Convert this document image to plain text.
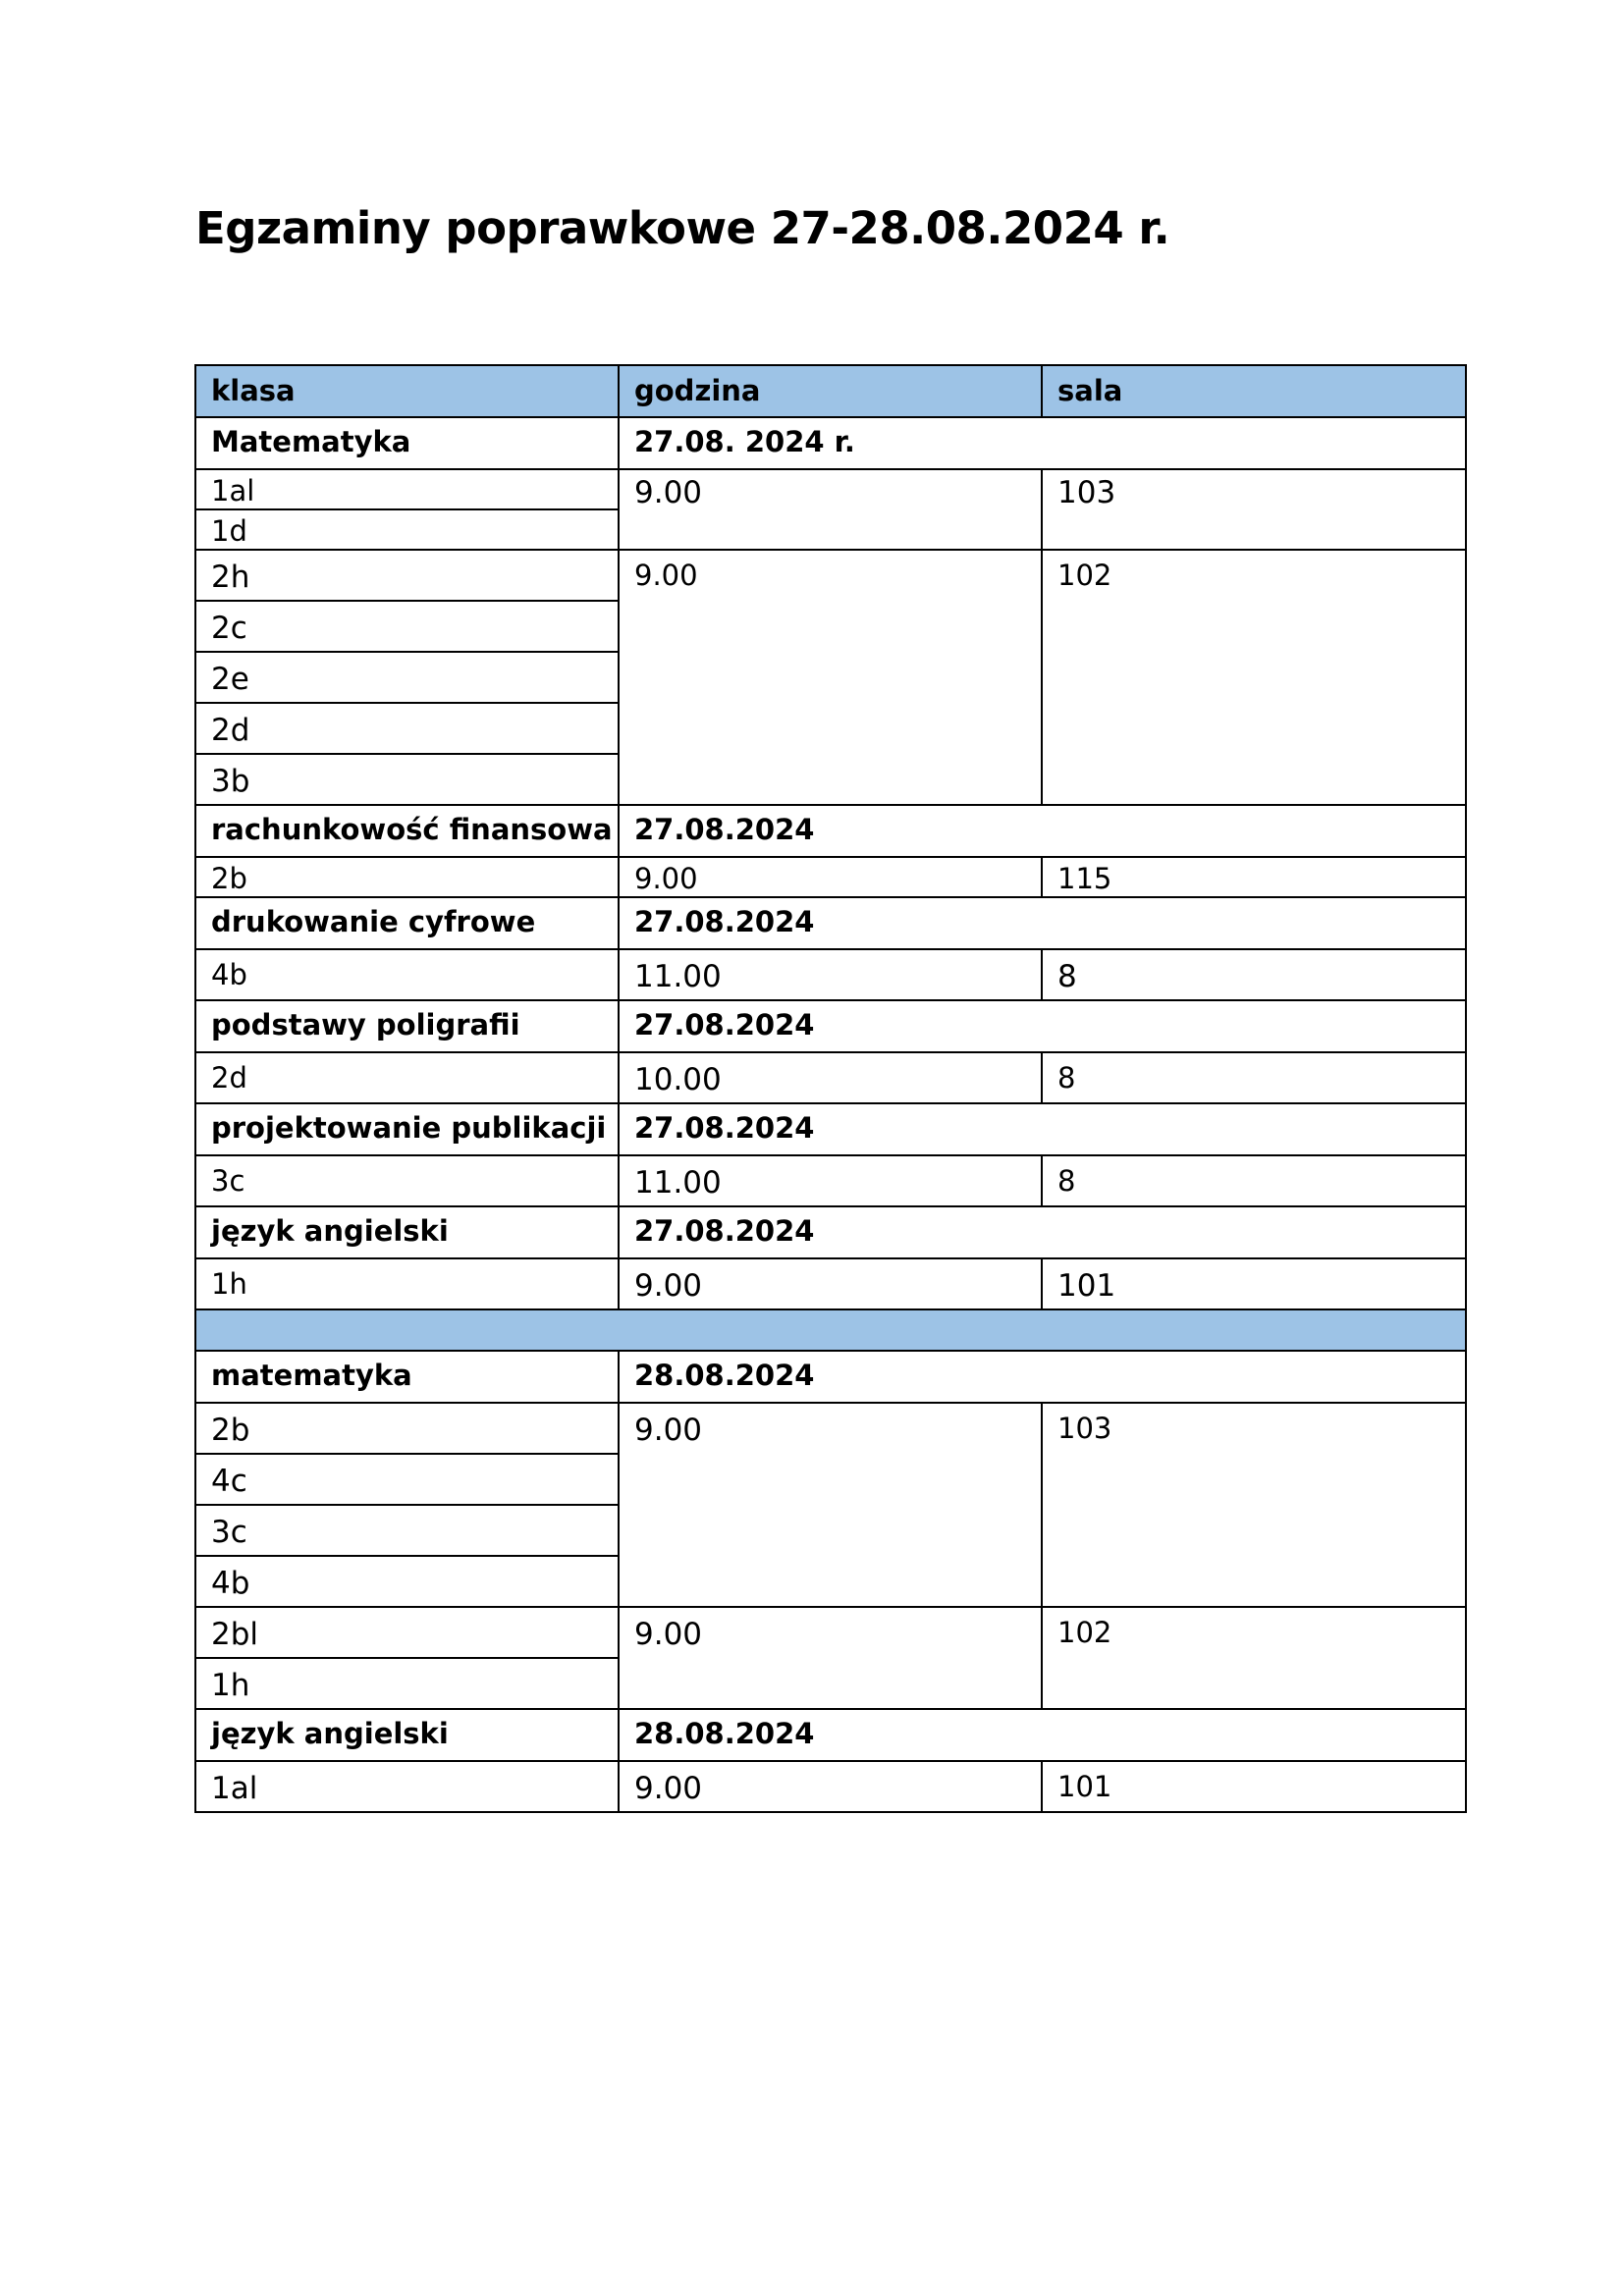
Egzaminy poprawkowe 27-28.08.2024 r.
klasa	godzina	sala
Matematyka	27.08. 2024 r.	
1al	9.00	103
1d		
2h	9.00	102
2c		
2e		
2d		
3b		
rachunkowość finansowa	27.08.2024	
2b	9.00	115
drukowanie cyfrowe	27.08.2024	
4b	11.00	8
podstawy poligrafii	27.08.2024	
2d	10.00	8
projektowanie publikacji	27.08.2024	
3c	11.00	8
język angielski	27.08.2024	
1h	9.00	101

matematyka	28.08.2024	
2b	9.00	103
4c		
3c		
4b		
2bl	9.00	102
1h		
język angielski	28.08.2024	
1al	9.00	101
